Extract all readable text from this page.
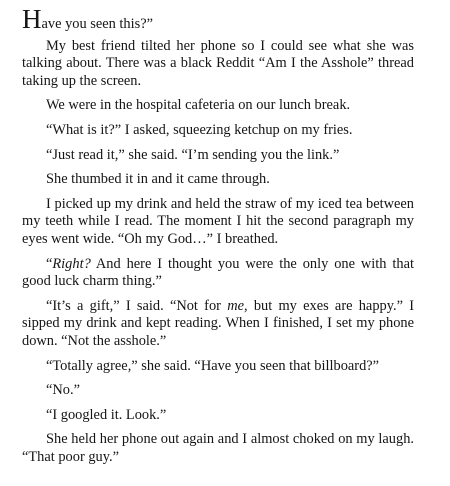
Have you seen this?”

My best friend tilted her phone so I could see what she was talking about. There was a black Reddit “Am I the Asshole” thread taking up the screen.

We were in the hospital cafeteria on our lunch break.

“What is it?” I asked, squeezing ketchup on my fries.

“Just read it,” she said. “I’m sending you the link.”

She thumbed it in and it came through.

I picked up my drink and held the straw of my iced tea between my teeth while I read. The moment I hit the second paragraph my eyes went wide. “Oh my God…” I breathed.

“Right? And here I thought you were the only one with that good luck charm thing.”

“It’s a gift,” I said. “Not for me, but my exes are happy.” I sipped my drink and kept reading. When I finished, I set my phone down. “Not the asshole.”

“Totally agree,” she said. “Have you seen that billboard?”

“No.”

“I googled it. Look.”

She held her phone out again and I almost choked on my laugh. “That poor guy.”
